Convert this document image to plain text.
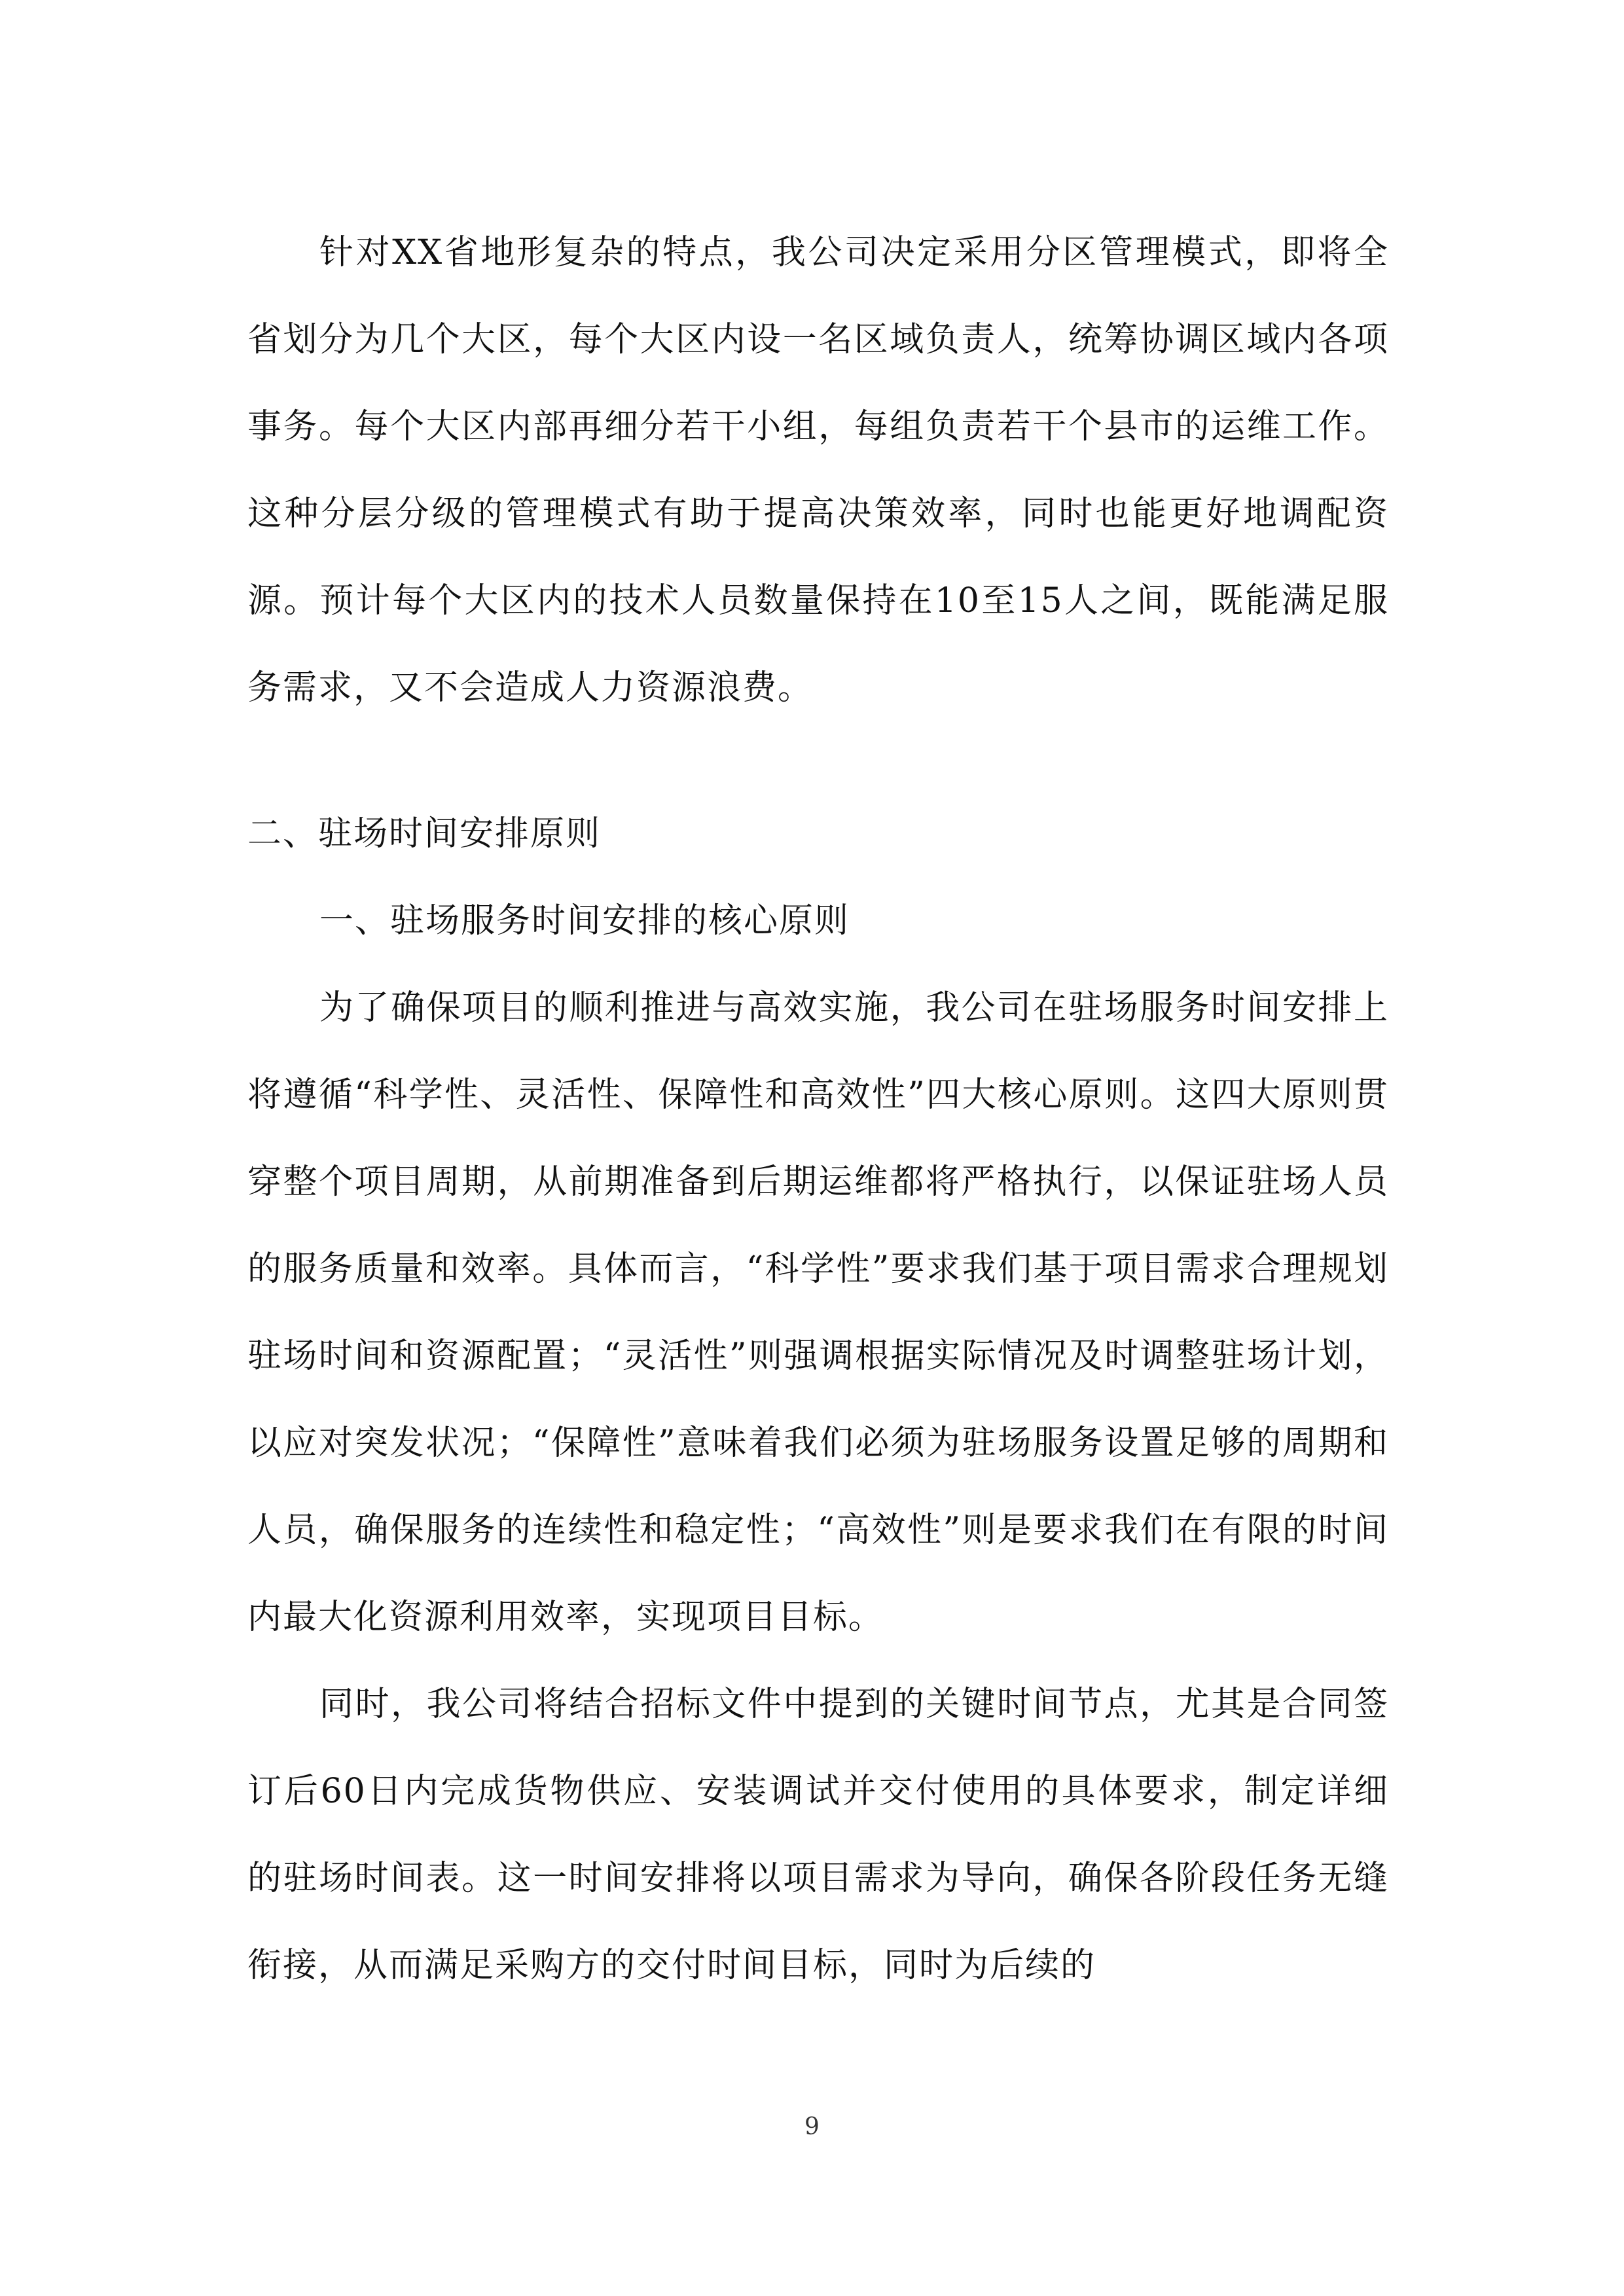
针对XX省地形复杂的特点，我公司决定采用分区管理模式，即将全省划分为几个大区，每个大区内设一名区域负责人，统筹协调区域内各项事务。每个大区内部再细分若干小组，每组负责若干个县市的运维工作。这种分层分级的管理模式有助于提高决策效率，同时也能更好地调配资源。预计每个大区内的技术人员数量保持在10至15人之间，既能满足服务需求，又不会造成人力资源浪费。

二、驻场时间安排原则

一、驻场服务时间安排的核心原则

为了确保项目的顺利推进与高效实施，我公司在驻场服务时间安排上将遵循“科学性、灵活性、保障性和高效性”四大核心原则。这四大原则贯穿整个项目周期，从前期准备到后期运维都将严格执行，以保证驻场人员的服务质量和效率。具体而言，“科学性”要求我们基于项目需求合理规划驻场时间和资源配置；“灵活性”则强调根据实际情况及时调整驻场计划，以应对突发状况；“保障性”意味着我们必须为驻场服务设置足够的周期和人员，确保服务的连续性和稳定性；“高效性”则是要求我们在有限的时间内最大化资源利用效率，实现项目目标。

同时，我公司将结合招标文件中提到的关键时间节点，尤其是合同签订后60日内完成货物供应、安装调试并交付使用的具体要求，制定详细的驻场时间表。这一时间安排将以项目需求为导向，确保各阶段任务无缝衔接，从而满足采购方的交付时间目标，同时为后续的

9
